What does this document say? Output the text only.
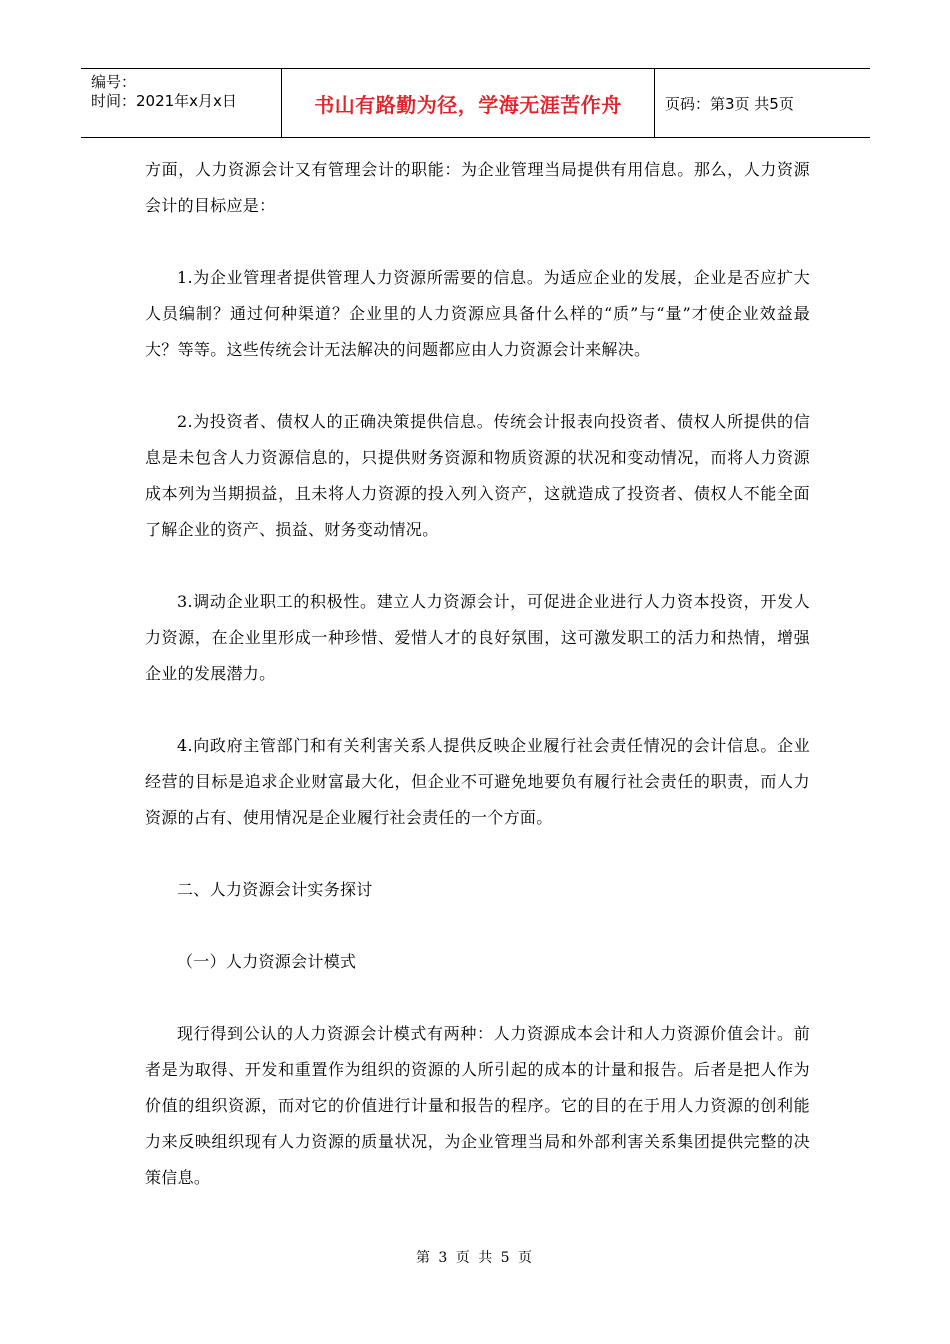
编号：
时间：2021年x月x日	书山有路勤为径，学海无涯苦作舟	页码：第3页 共5页

方面，人力资源会计又有管理会计的职能：为企业管理当局提供有用信息。那么，人力资源会计的目标应是：

1.为企业管理者提供管理人力资源所需要的信息。为适应企业的发展，企业是否应扩大人员编制？通过何种渠道？企业里的人力资源应具备什么样的“质”与“量”才使企业效益最大？等等。这些传统会计无法解决的问题都应由人力资源会计来解决。

2.为投资者、债权人的正确决策提供信息。传统会计报表向投资者、债权人所提供的信息是未包含人力资源信息的，只提供财务资源和物质资源的状况和变动情况，而将人力资源成本列为当期损益，且未将人力资源的投入列入资产，这就造成了投资者、债权人不能全面了解企业的资产、损益、财务变动情况。

3.调动企业职工的积极性。建立人力资源会计，可促进企业进行人力资本投资，开发人力资源，在企业里形成一种珍惜、爱惜人才的良好氛围，这可激发职工的活力和热情，增强企业的发展潜力。

4.向政府主管部门和有关利害关系人提供反映企业履行社会责任情况的会计信息。企业经营的目标是追求企业财富最大化，但企业不可避免地要负有履行社会责任的职责，而人力资源的占有、使用情况是企业履行社会责任的一个方面。

二、人力资源会计实务探讨

（一）人力资源会计模式

现行得到公认的人力资源会计模式有两种：人力资源成本会计和人力资源价值会计。前者是为取得、开发和重置作为组织的资源的人所引起的成本的计量和报告。后者是把人作为价值的组织资源，而对它的价值进行计量和报告的程序。它的目的在于用人力资源的创利能力来反映组织现有人力资源的质量状况，为企业管理当局和外部利害关系集团提供完整的决策信息。

第 3 页 共 5 页
